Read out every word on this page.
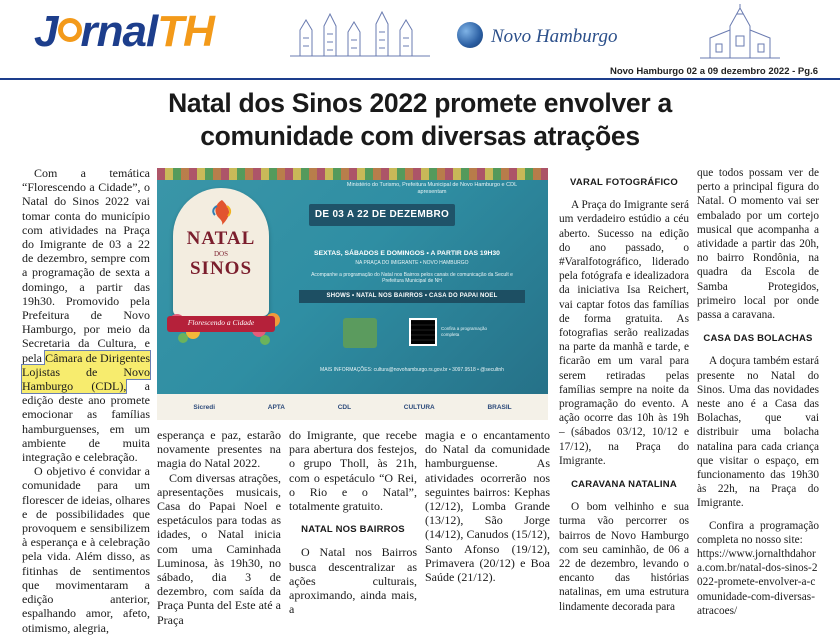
J rnalTH	Novo Hamburgo
Novo Hamburgo 02 a 09 dezembro 2022 - Pg.6
Natal dos Sinos 2022 promete envolver a
comunidade com diversas atrações

Com a temática “Florescendo a Cidade”, o Natal do Sinos 2022 vai tomar conta do município com atividades na Praça do Imigrante de 03 a 22 de dezembro, sempre com a programação de sexta a domingo, a partir das 19h30. Promovido pela Prefeitura de Novo Hamburgo, por meio da Secretaria da Cultura, e pela Câmara de Dirigentes Lojistas de Novo Hamburgo (CDL), a edição deste ano promete emocionar as famílias hamburguenses, em um ambiente de muita integração e celebração.

O objetivo é convidar a comunidade para um florescer de ideias, olhares e de possibilidades que provoquem e sensibilizem à esperança e à celebração pela vida. Além disso, as fitinhas de sentimentos que movimentaram a edição anterior, espalhando amor, afeto, otimismo, alegria,

NATAL
DOS
SINOS
Florescendo a Cidade
Ministério do Turismo, Prefeitura Municipal de Novo Hamburgo e CDL apresentam
DE 03 A 22 DE DEZEMBRO
SEXTAS, SÁBADOS E DOMINGOS • A PARTIR DAS 19H30
NA PRAÇA DO IMIGRANTE • NOVO HAMBURGO
Acompanhe a programação do Natal nos Bairros pelos canais de comunicação da Secult e Prefeitura Municipal de NH
SHOWS • NATAL NOS BAIRROS • CASA DO PAPAI NOEL
Confira a programação completa
MAIS INFORMAÇÕES: cultura@novohamburgo.rs.gov.br • 3097.9518 • @secultnh
Sicredi	APTA	CDL	CULTURA	BRASIL

esperança e paz, estarão novamente presentes na magia do Natal 2022.

Com diversas atrações, apresentações musicais, Casa do Papai Noel e espetáculos para todas as idades, o Natal inicia com uma Caminhada Luminosa, às 19h30, no sábado, dia 3 de dezembro, com saída da Praça Punta del Este até a Praça

do Imigrante, que recebe para abertura dos festejos, o grupo Tholl, às 21h, com o espetáculo “O Rei, o Rio e o Natal”, totalmente gratuito.

NATAL NOS BAIRROS

O Natal nos Bairros busca descentralizar as ações culturais, aproximando, ainda mais, a

magia e o encantamento do Natal da comunidade hamburguense. As atividades ocorrerão nos seguintes bairros: Kephas (12/12), Lomba Grande (13/12), São Jorge (14/12), Canudos (15/12), Santo Afonso (19/12), Primavera (20/12) e Boa Saúde (21/12).

VARAL FOTOGRÁFICO

A Praça do Imigrante será um verdadeiro estúdio a céu aberto. Sucesso na edição do ano passado, o #Varalfotográfico, liderado pela fotógrafa e idealizadora da iniciativa Isa Reichert, vai captar fotos das famílias de forma gratuita. As fotografias serão realizadas na parte da manhã e tarde, e ficarão em um varal para serem retiradas pelas famílias sempre na noite da programação do evento. A ação ocorre das 10h às 19h – (sábados 03/12, 10/12 e 17/12), na Praça do Imigrante.

CARAVANA NATALINA

O bom velhinho e sua turma vão percorrer os bairros de Novo Hamburgo com seu caminhão, de 06 a 22 de dezembro, levando o encanto das histórias natalinas, em uma estrutura lindamente decorada para

que todos possam ver de perto a principal figura do Natal. O momento vai ser embalado por um cortejo musical que acompanha a atividade a partir das 20h, no bairro Rondônia, na quadra da Escola de Samba Protegidos, primeiro local por onde passa a caravana.

CASA DAS BOLACHAS

A doçura também estará presente no Natal do Sinos. Uma das novidades neste ano é a Casa das Bolachas, que vai distribuir uma bolacha natalina para cada criança que visitar o espaço, em funcionamento das 19h30 às 22h, na Praça do Imigrante.

Confira a programação completa no nosso site:

https://www.jornalthdahora.com.br/natal-dos-sinos-2022-promete-envolver-a-comunidade-com-diversas-atracoes/
